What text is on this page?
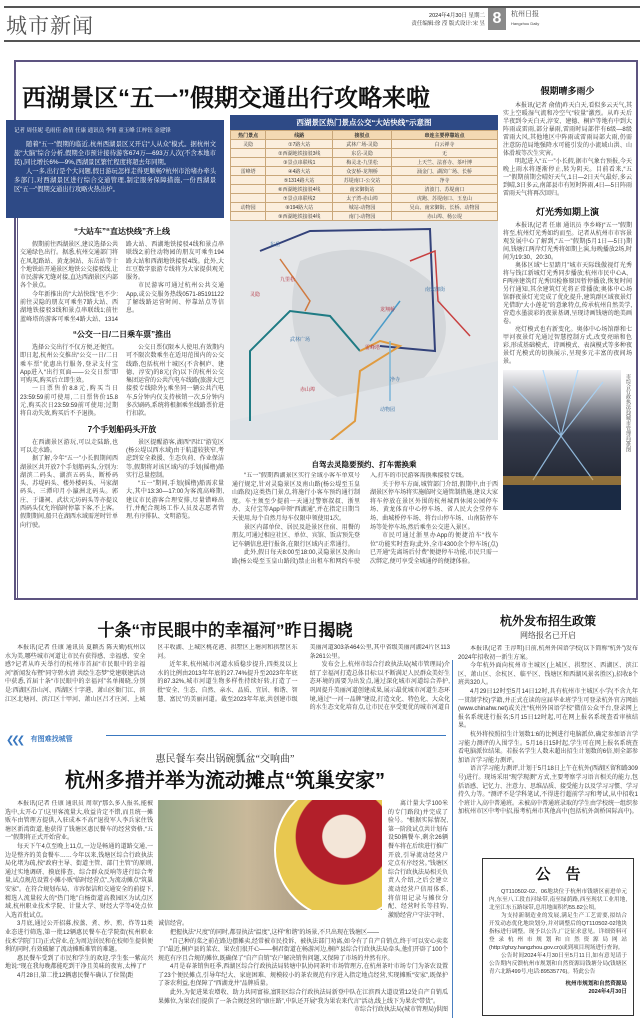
城市新闻	2024年4月30日 星期二
责任编辑:徐 滢 版式设计:宋 昱 8	杭州日报
Hangzhou Daily
西湖景区“五一”假期交通出行攻略来啦
记者 周佳妮 毛雨佳 俞倩 任康 通讯员 李倩 童玉峰 江梓钰 金建锋

随着“五一”假期的临近,杭州西湖景区又开启“人从众”模式。据杭州文旅“大脑”综合分析,假期全市预计接待游客674万—693万人次(不含本地市民),同比增长6%—9%,西湖景区繁忙程度将超去年同期。

人一多,出行是个大问题,假日游玩怎样走得更顺畅?杭州市治堵办牵头多部门,对西湖景区进行综合交通管理,制定服务保障措施,一份西湖景区“五一”假期交通出行攻略火热出炉。

“大站车”“直达快线”齐上线

假期前往西湖景区,建议选择公共交通绿色出行。据悉,杭州交通部门将在凤起路站、黄龙洞站、东岳站等十个地铁站开通景区地铁公交接驳线,让市民游客无缝对接,直达西湖景区内部各个景点。

今年新推出的“大站快线”也不少:前往灵隐的朋友可乘坐7路大站、西湖地铁接驳3线和景点串联线1;前往蓝峰塔的游客可乘坐4路大站、1314路大站、西湖地铁接驳4线和景点串联线2;前往动物园的朋友可乘坐194路大站和西湖地铁接驳4线。此外,大红豆数字旅游专线将为大家提供观光服务。

市民游客可通过杭州公共交通App,或公交服务热线0571-85191122了解线路运营时间、停靠站点等信息。

“公交一日/二日乘车票”推出

选择公交出行不仅方便,还便宜。即日起,杭州公交推出“公交一日/二日乘车票”优惠出行服务,登录支付宝App进入“出行页面——公交日票”即可购买,购买后立即生效。

一日票售价8.8元,购买当日23:59:59前可使用,二日票售价15.8元,购买次日23:59:59前可使用;过期将自动失效,购买后不予退换。

公交日票仅限本人使用,有效期内可不限次数乘坐在适用范围内的公交线路,包括杭州十城区(不含桐庐、建德、淳安)的8元(含)以下的杭州公交集团运营的公共汽电车线路(旅游大巴接驳专线除外);乘坐同一辆公共汽电车,5分钟内仅支持核销一次,5分钟内多次刷码,系统将根据乘坐线路票价进行扣款。

7个手划船码头开放

在西湖景区游玩,可以走陆路,也可以走水路。

据了解,今年“五一”小长假期间西湖景区共开放7个手划船码头,分别为:湖滨二码头、湖滨五码头、断桥码头、苏堤码头、楼外楼码头、马家湖码头、三潭印月小瀛洲北码头。郭庄、于谦祠、武状元坊码头等亦提议西码头仅允许临时停靠下客,不上客。假期期间,船只在湖西水域需逆时针单向行驶。

景区提醒游客,湖西“四红”游览区(杨公堤以西水域)由于航道较狭窄,考虑到安全救援、生态负荷、作业保洁等,假期将对该区域内的手划(摇橹)船实行总量控制。

“五一”期间,手划(摇橹)船需求量大,其中13:30—17:00为客流高峰期,建议市民游客合理安排,尽量错峰出行,并配合现场工作人员及志愿者管理,有序排队、文明游览。

西湖景区热门景点公交“大站快线”示意图
热门景点	线路	接驳点	串连主要停靠站点
灵隐	①7路大站	武林广场-灵隐	白云禅寺
	②西湖地铁接驳3线	东岳-灵隐	无
	③景点串联线1	梅灵北-九里松	上天竺、法喜寺、茶叶博
雷峰塔	④4路大站	众安桥-龙翔桥	涌金门、湖滨广场、长桥
	⑤1314路大站	苏堤南口-公交站	净寺
	⑥西湖地铁接驳4线	南宋御街站	清波门、苏堤南口
	⑦景点串联线2	太子湾-赤山埠	虎跑、苏堤南口、玉皇山
动物园	⑧194路大站	城站-动物园	吴山、南宋御街、长桥、动物园
	⑨西湖地铁接驳4线	南门-动物园	赤山埠、杨公堤
灵隐
东岳
龙翔桥
武林广场
雷峰塔
动物园
赤山埠
南宋御街
九里松
净寺
自驾去灵隐要预约、打车需换乘

“五一”假期西湖景区实行全域小客车单双号通行规定,针对灵隐景区及南山路(杨公堤至玉皇山路段)这类热门景点,将施行小客车预约通行制度。车主须至少提前一天通过警察叔叔、浙里办、支付宝等App申领“西湖通”,并在指定日期当天使用,每个自然月每车仅限申领使用1次。

景区内部单位、居民及赴景区住宿、用餐的朋友,可通过相应社区、单位、宾馆、饭店预先登记车辆信息进行报备,在限行区域内正常通行。

此外,假日每天8:00至18:00,灵隐景区及南山路(杨公堤至玉皇山路段)禁止出租车和网约车驶入,打车的市民游客需换乘接驳专线。

关于停车方面,城管部门介绍,假期中,由于西湖景区停车场将实施临时交通管制措施,建议大家将车停放在景区外围的杭州城西休闲公园停车场、黄龙体育中心停车场、省人民大会堂停车场、曲城桥停车场、将台山停车场、山南防停车场等处停车场,然后乘坐公交进入景区。

市民可通过浙里办App的便捷泊车“找车位”功能实时查询;此外,全市4300余个停车场(点)已开通“先离场后付费”便捷停车功能,市民只需一次绑定,便可享受全城通停的便捷体验。

假期晴多雨少

本报讯(记者 俞倩)昨天白天,看似多云天气,其实上空暖湿气流和冷空气“较量”激烈。从昨天后半夜到今天白天,淳安、建德、桐庐等地有中到大阵雨或雷雨,部分暴雨,雷雨时局部伴有6级—8级雷雨大风,其他地区中阵雨或雷雨局部大雨,仍需注意防范局地强降水可能引发的小流域山洪、山体滑坡等次生灾害。

明起进入“五一”小长假,据市气象台预报,今天晚上雨水将逐渐停止,转为阴天。目前看来,“五一”假期前期会晴好天气,1日—2日天气最好,多云到晴,3日多云,南部县市有短时阵雨,4日—5日阵雨雷雨天气将再次回归。

灯光秀如期上演

本报讯(记者 任康 通讯员 李乡峰)“五一”假期将至,杭州灯光秀如约而至。记者从杭州市市容景观发展中心了解到,“五一”假期(5月1日—5日)期间,钱塘江两岸灯光秀将如期上演,每晚播放2场,时间为19:30、20:30。

奥体区域“七星踏月”城市天际线傲视灯光秀将与钱江新城灯光秀同步播放;杭州市民中心A、F两座建筑灯光秀因检修原因暂停播放,恢复时间另行通知,其余建筑灯光将正常播放;奥体中心场馆群夜景灯光完成了优化提升,建筑群区域夜景灯光借助“大小莲花”的意象特点,传承杭州自然美学,营造水墨淡彩的夜景基调,呈现诗画钱塘的绝美画卷。

亮灯模式也有新变化。奥体中心场馆群和七甲河夜景灯光通过智慧控制方式,改变亮暗和色彩,形成基础模式、诗画模式、表演模式等多种夜景灯光模式的切换展示,呈现多元丰富的夜间场景。

市综合行政执法局(城市管理局)供图
十条“市民眼中的幸福河”昨日揭晓

本报讯(记者 任康 通讯员 夏颖杰 陈天勤)杭州以水为美,哪些城市河道让市民有获得感、幸福感、安全感?记者从昨天举行的杭州市首届“市民眼中的幸福河”新闻发布暨“同守碧水清 共绘生态梦”党建联建活动中获悉,首届十条“市民眼中的幸福河”名单揭晓,分别是:西湖区沿山河、西湖区十字港、萧山区衙门江、滨江区北塘河、滨江区十甲河、萧山区吕才庄河、上城区丰收湖、上城区桃花港、拱墅区上塘河和拱墅区东河。

近年来,杭州城市河道水质稳步提升,四类及以上水的比例由2013年年底的27.74%提升至2023年年底的87.32%,城市河道生物多样性持续好转,打造了一批“安全、生态、自然、亲水、品质、宜居、和谐、智慧、富民”的美丽河道。截至2023年年底,共创建市级美丽河道303条464公里,其中省级美丽河湖24片区113条261公里。

发布会上,杭州市综合行政执法局(城市管理局)介绍了幸福河打造总体目标:以不断满足人民群众美好生态环境的需要为出发点,通过深化城市河道综合养护,巩固提升美丽河道创建成果,展示最优城市河道生态环境,通过“一河一品牌”建设,打造文化、特色化、大众化的水生态文化培育点,让市民在享受更优的城市河道自

杭外发布招生政策
网络报名已开启

本报讯(记者 王淳明)日前,杭州外国语学校(以下简称“杭外”)发布2024年招收初一新生方案。

今年杭外面向杭州市主城区(上城区、拱墅区、西湖区、滨江区、萧山区、余杭区、临平区、钱塘区和西湖风景名胜区),招收8个班共320人。

4月29日12时至5月14日12时,具有杭州市主城区小学(不含九年一贯制学校)学籍,并正式在读的应届毕业班学生可登录杭外官方网站(www.chinahw.net)或关注“杭州外国语学校”微信公众平台,登录网上报名系统进行报名;5月15日12时起,可在网上报名系统查看审核结果。

杭外将按照招生计划数1:6的比例进行电脑派位,确定参加语言学习能力测评的入围学生。5月16日15时起,学生可在网上报名系统查看电脑派位结果。若报名学生人数未超出招生计划数的6倍,则全部参加语言学习能力测评。

语言学习能力测评,计划于5月18日上午在杭外(西湖区留和路309号)进行。现场采用“现学现测”方式,主要考察学习语言相关的能力,包括语感、记忆力、注意力、思维品质、接受能力以及学习习惯、学习持久力等。“测评不是学科笔试,不得进行超前学习和考试,从中招收1个班计入高中普通班。未被高中普通班录取的学生由学校统一组织参加杭州市区中考中招,报考杭州市其他高中(包括杭外剑桥国际高中)。

公　告

QT110502-02、06地块位于杭州市钱塘区前进单元内,东至八工段直河绿带,南至绿荫路,西至现状工业用地,北至江东五路绿带,总用地面积约55.82公顷。

为支持新制造业的发展,满足生产工艺需要,拟结合开发动态优化地块划分,并对调整后的QT110502-02地块指标进行调整。现予以公告,广泛征求意见。详细资料可登录杭州市规划和自然资源局网站(http://ghzy.hangzhou.gov.cn)或到项目现场进行查询。

公告时间2024年4月30日至5月11日,如有意见请于公告期内反馈杭州市规划和自然资源局钱塘分局(钱塘区青六北路499号,电话:89535776)。特此公告

杭州市规划和自然资源局
2024年4月30日
❮❮❮ 有图难找城管
惠民餐车奏出锅碗瓢盆“交响曲”
杭州多措并举为流动摊点“筑巢安家”

本报讯(记者 任康 通讯员 周翠)“那么多人报名,能被选中,太开心了!这里客流量大,收益肯定不错,而且统一摊贩车由管理方提供,入驻成本不高!”退役军人李兵家住钱塘区新湾街道,他获得了钱塘区惠民餐车的经营资格,“五一”假期将正式开始营业。

每天下午4点至晚上11点,一边是畅通的道路交通,一边是整齐的美食餐车……今年以来,钱塘区综合行政执法局化堵为疏,按“政府主导、街道主管、部门主管”的原则,通过实地调研、摸底排查、综合群众反响等进行综合考量,试点规范设置小摊小贩“临时经营点”,为流动摊点“筑巢安家”。在符合规划布局、市容保洁和交通安全的前提下,精选人流量较大的“热门地”白杨街道高教园区为试点区域,杭州职业技术学院、计量大学、财经大学等4处点位入选首批试点。

3月底,通过公开招募,按蒸、煮、炒、煎、炸等11类业态进行筛选,第一批12辆惠民餐车在学院街(杭州职业技术学院门口)正式营业,在为周边居民和在校师生提供便利的同时,有效破解了流动摊贩难管的难题。

惠民餐车受到了市民和学生的欢迎,学生张一紫高兴地说:“现在我每晚都能吃到干净且美味的夜宵,太棒了!”

4月28日,第二批12辆惠民餐车确认了位置(距

离计量大学100米的专门路段)并完成了验号。“根据实际情况,第一阶段试点共计划布设50辆餐车,剩余26辆餐车将在后续进行推广开放,引导流动经营户定点有序经营。”钱塘区综合行政执法局相关负责人介绍,之后会建立流动经营户信用体系,将信用记录与摊位分配、经营时长等挂钩,激励经营户守法守时、诚信经营。

把握执法“尺度”的同时,都显执法“温度”,这样“和谐”的场景,不只出现在钱塘区——

“自己种的菜之前在路边摆摊卖,经常被市民投诉、被执法部门劝离,如今有了自产自销点,终于可以安心卖菜了!”最近,桐庐县的菜农、果农们很开心——桐君街道在畅游河边,桐庐县综合行政执法局牵头,他们开辟了100个规范有序且合规的摊位,既确保了“自产自销”农户解决销售问题,又保障了市场的井然有序。

4月是春茶销售旺季,西湖区综合行政执法局转塘中队协同茶叶市场管理方,在杭州茶叶市场专门为茶农设置了23个便民摊点,引导年纪大、家庭困难、规模较小的茶农规范有序进入指定地点经营,实现摊贩“安家”,既保护了茶农利益,也保障了“西湖龙井”品牌质量。

此外,为促进果农增收、助力共同富裕,富阳区综合行政执法局新登中队在江滨西大道设置12处自产自销瓜果摊位,为果农们提供了一条合规经营的“康庄路”,中队还开展“我为果农来代言”活动,线上线下为果农“带货”。

市综合行政执法局(城市管理局)供图
